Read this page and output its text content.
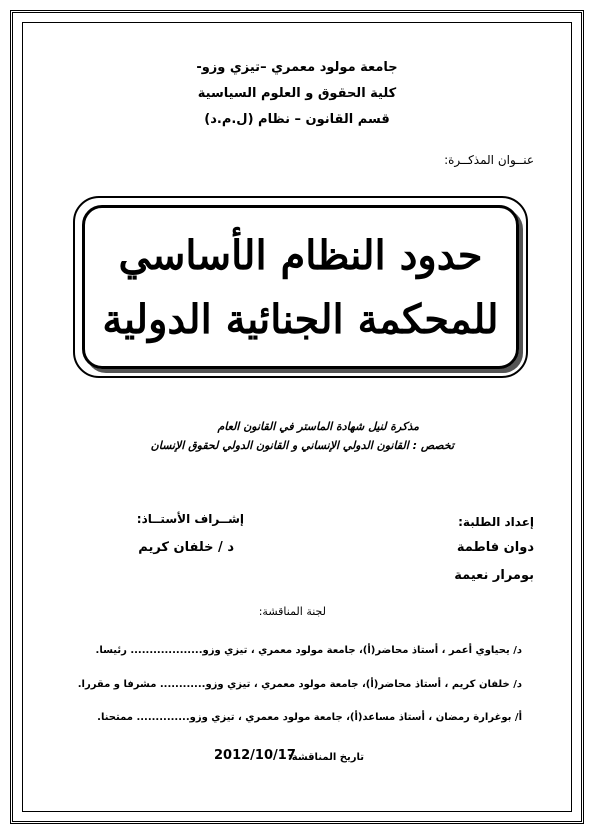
جامعة مولود معمري –تيزي وزو-
كلية الحقوق و العلوم السياسية
قسم القانون – نظام (ل.م.د)
عنــوان المذكــرة:
حدود النظام الأساسي
للمحكمة الجنائية الدولية
مذكرة لنيل شهادة الماستر في القانون العام
تخصص : القانون الدولي الإنساني و القانون الدولي لحقوق الإنسان
إعداد الطلبة:
إشــراف الأستــاذ:
دوان فاطمة
بومرار نعيمة
د / خلفان كريم
لجنة المناقشة:
د/ يحياوي أعمر ، أستاذ محاضر(أ)، جامعة مولود معمري ، تيزي وزو................... رئيسا.
د/ خلفان كريم ، أستاذ محاضر(أ)، جامعة مولود معمري ، تيزي وزو............ مشرفا و مقررا.
أ/ بوغرارة رمضان ، أستاذ مساعد(أ)، جامعة مولود معمري ، تيزي وزو.............. ممتحنا.
تاريخ المناقشة:
2012/10/17
